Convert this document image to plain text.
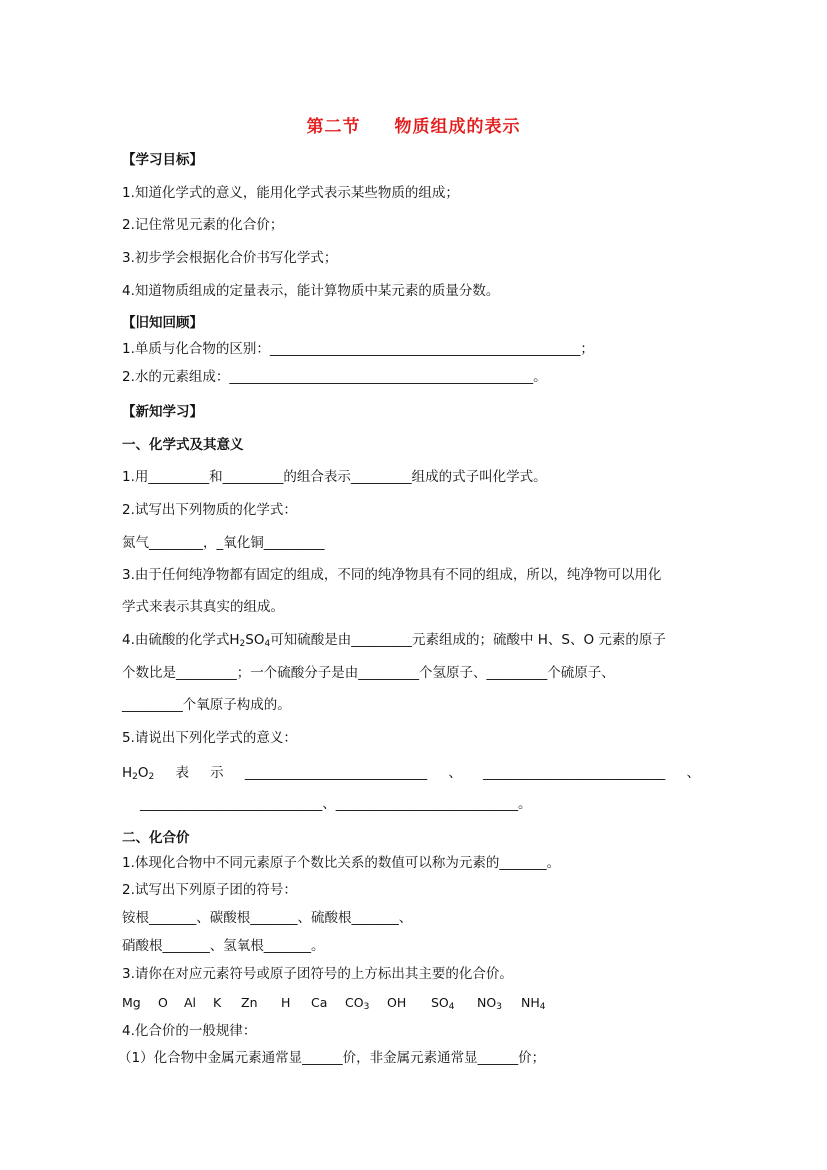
第二节 物质组成的表示
【学习目标】
1.知道化学式的意义，能用化学式表示某些物质的组成；
2.记住常见元素的化合价；
3.初步学会根据化合价书写化学式；
4.知道物质组成的定量表示，能计算物质中某元素的质量分数。
【旧知回顾】
1.单质与化合物的区别：______________________________________________；
2.水的元素组成：_____________________________________________。
【新知学习】
一、化学式及其意义
1.用_________和_________的组合表示_________组成的式子叫化学式。
2.试写出下列物质的化学式：
氮气________，_氧化铜_________
3.由于任何纯净物都有固定的组成，不同的纯净物具有不同的组成，所以，纯净物可以用化
学式来表示其真实的组成。
4.由硫酸的化学式$H_2SO_4$可知硫酸是由_________元素组成的；硫酸中 H、S、O 元素的原子
个数比是_________；一个硫酸分子是由_________个氢原子、_________个硫原子、
_________个氧原子构成的。
5.请说出下列化学式的意义：
$H_2O_2$ 表 示 ___________________________ 、 ___________________________ 、
___________________________、___________________________。
二、化合价
1.体现化合物中不同元素原子个数比关系的数值可以称为元素的_______。
2.试写出下列原子团的符号：
铵根_______、碳酸根_______、硫酸根_______、
硝酸根_______、氢氧根_______。
3.请你在对应元素符号或原子团符号的上方标出其主要的化合价。
Mg O Al K Zn H Ca $CO_3$ OH $SO_4$ $NO_3$ $NH_4$
4.化合价的一般规律：
（1）化合物中金属元素通常显______价，非金属元素通常显______价；
